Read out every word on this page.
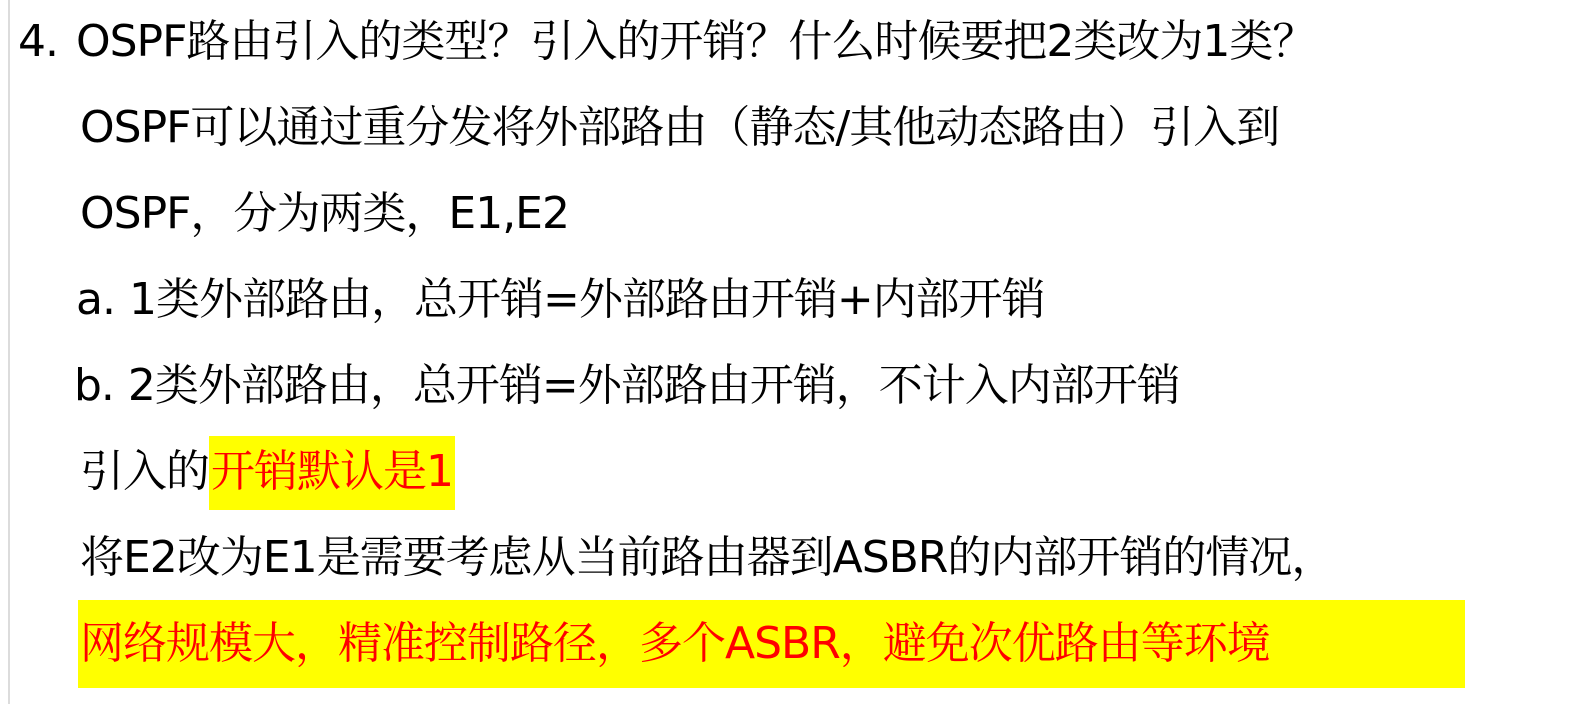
4. OSPF路由引入的类型？引入的开销？什么时候要把2类改为1类？
OSPF可以通过重分发将外部路由（静态/其他动态路由）引入到
OSPF，分为两类，E1,E2
a. 1类外部路由，总开销=外部路由开销+内部开销
b. 2类外部路由，总开销=外部路由开销，不计入内部开销
引入的开销默认是1
将E2改为E1是需要考虑从当前路由器到ASBR的内部开销的情况，
网络规模大，精准控制路径，多个ASBR，避免次优路由等环境
